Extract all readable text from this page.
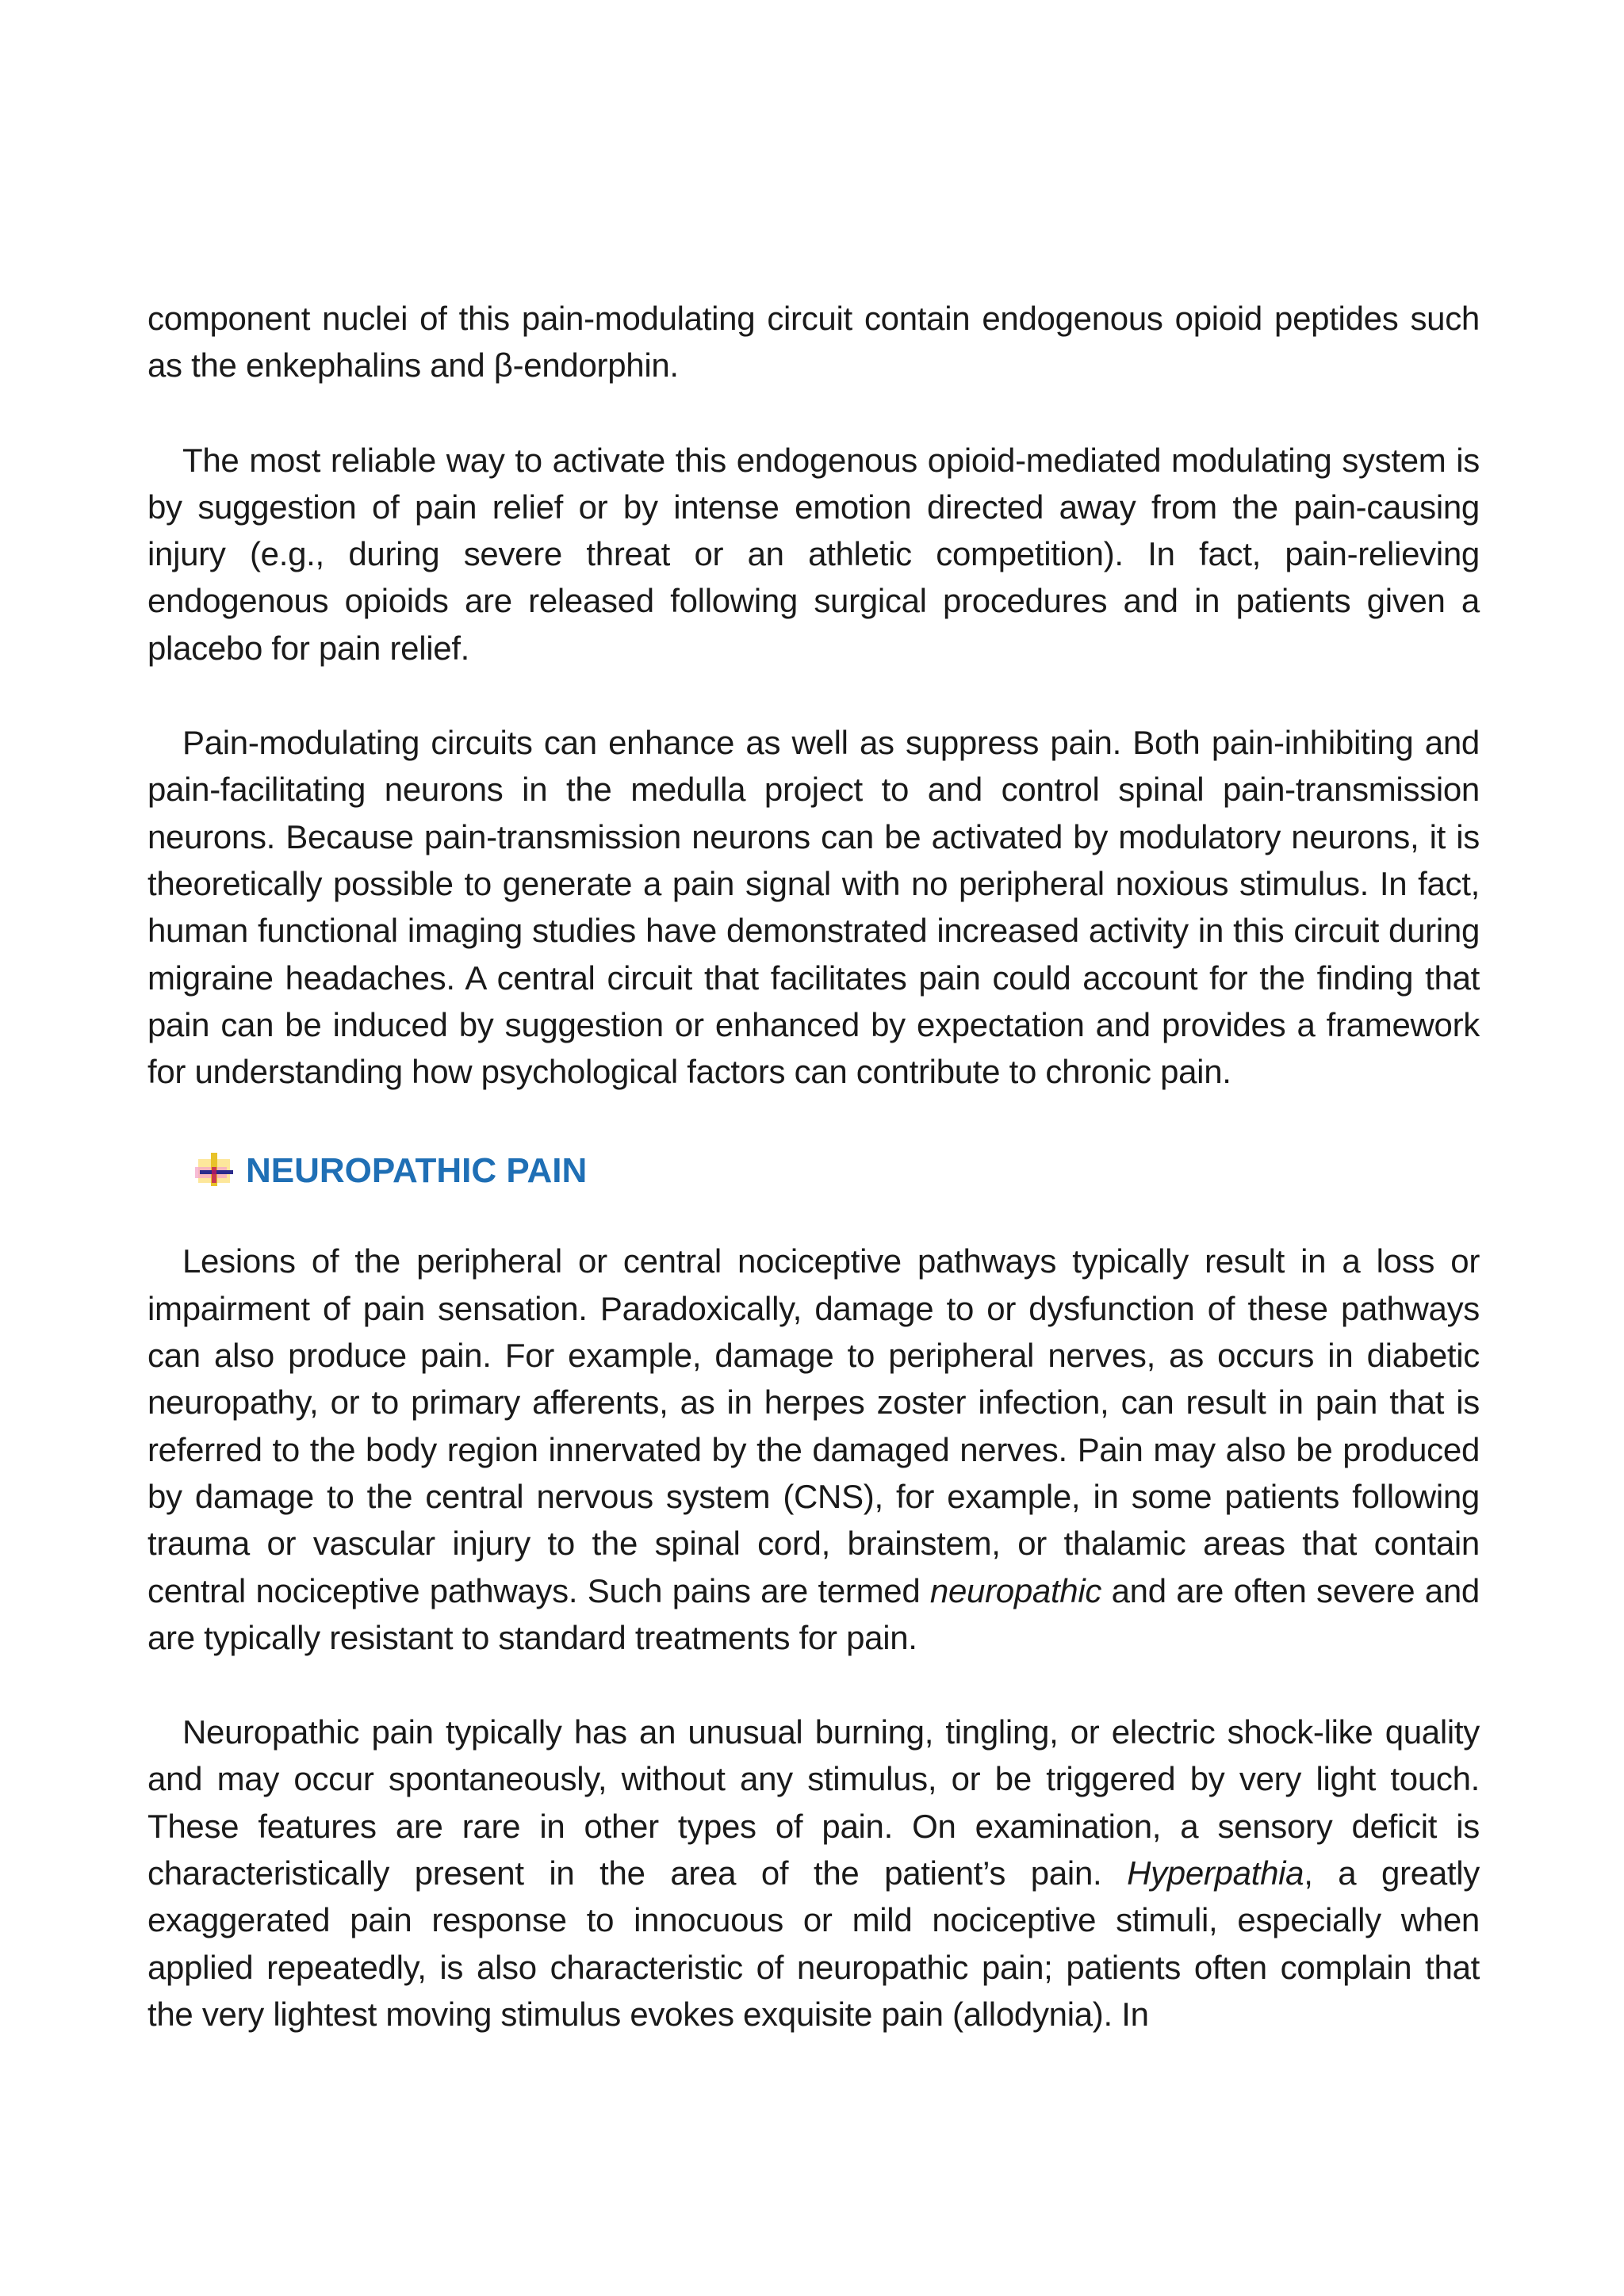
component nuclei of this pain-modulating circuit contain endogenous opioid peptides such as the enkephalins and β-endorphin.

The most reliable way to activate this endogenous opioid-mediated modulating system is by suggestion of pain relief or by intense emotion directed away from the pain-causing injury (e.g., during severe threat or an athletic competition). In fact, pain-relieving endogenous opioids are released following surgical procedures and in patients given a placebo for pain relief.

Pain-modulating circuits can enhance as well as suppress pain. Both pain-inhibiting and pain-facilitating neurons in the medulla project to and control spinal pain-transmission neurons. Because pain-transmission neurons can be activated by modulatory neurons, it is theoretically possible to generate a pain signal with no peripheral noxious stimulus. In fact, human functional imaging studies have demonstrated increased activity in this circuit during migraine headaches. A central circuit that facilitates pain could account for the finding that pain can be induced by suggestion or enhanced by expectation and provides a framework for understanding how psychological factors can contribute to chronic pain.

NEUROPATHIC PAIN

Lesions of the peripheral or central nociceptive pathways typically result in a loss or impairment of pain sensation. Paradoxically, damage to or dysfunction of these pathways can also produce pain. For example, damage to peripheral nerves, as occurs in diabetic neuropathy, or to primary afferents, as in herpes zoster infection, can result in pain that is referred to the body region innervated by the damaged nerves. Pain may also be produced by damage to the central nervous system (CNS), for example, in some patients following trauma or vascular injury to the spinal cord, brainstem, or thalamic areas that contain central nociceptive pathways. Such pains are termed neuropathic and are often severe and are typically resistant to standard treatments for pain.

Neuropathic pain typically has an unusual burning, tingling, or electric shock-like quality and may occur spontaneously, without any stimulus, or be triggered by very light touch. These features are rare in other types of pain. On examination, a sensory deficit is characteristically present in the area of the patient’s pain. Hyperpathia, a greatly exaggerated pain response to innocuous or mild nociceptive stimuli, especially when applied repeatedly, is also characteristic of neuropathic pain; patients often complain that the very lightest moving stimulus evokes exquisite pain (allodynia). In
